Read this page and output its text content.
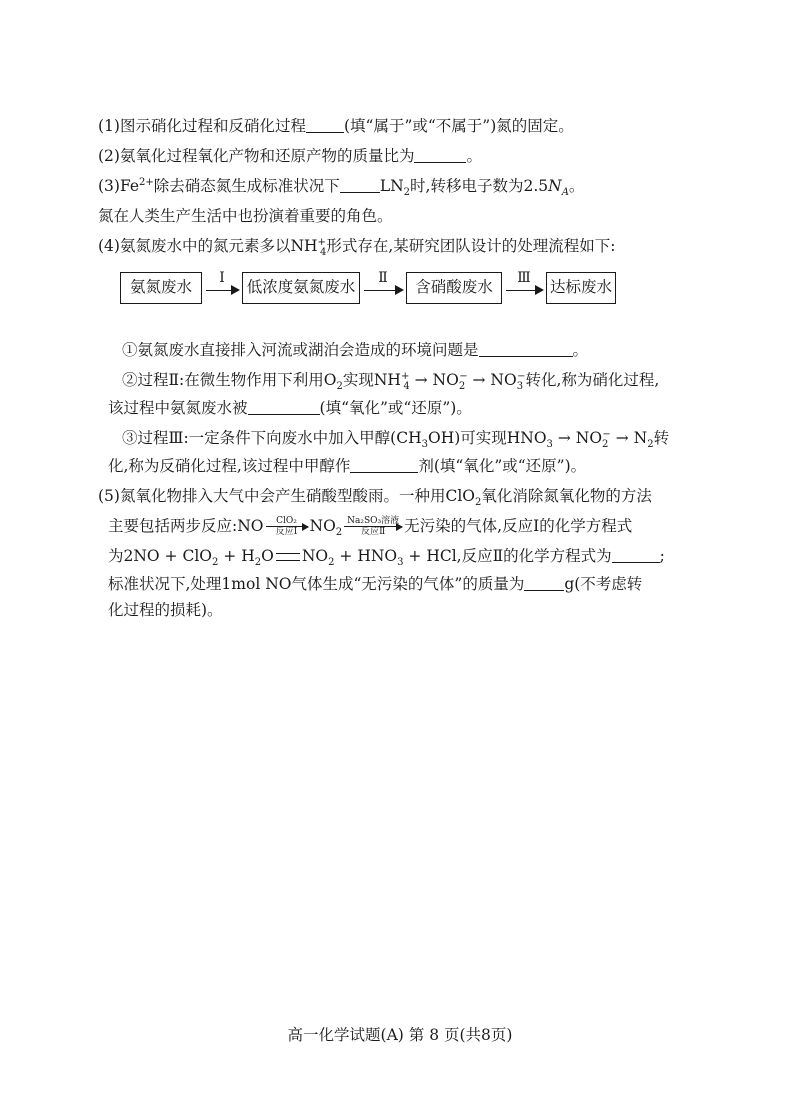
(1)图示硝化过程和反硝化过程 (填“属于”或“不属于”)氮的固定。
(2)氨氧化过程氧化产物和还原产物的质量比为	。
$(3)Fe^{2+}$除去硝态氮生成标准状况下	$LN_2$时,转移电子数为$2.5N_A$。
氮在人类生产生活中也扮演着重要的角色。
(4)氨氮废水中的氮元素多以$NH^+_4$形式存在,某研究团队设计的处理流程如下:
氨氮废水	Ⅰ	低浓度氨氮废水	Ⅱ	含硝酸废水	Ⅲ	达标废水
①氨氮废水直接排入河流或湖泊会造成的环境问题是	。
②过程Ⅱ:在微生物作用下利用$O_2$实现$NH^+_4 \to NO_2^- \to NO_3^-$转化,称为硝化过程,
该过程中氨氮废水被	(填“氧化”或“还原”)。
③过程Ⅲ:一定条件下向废水中加入甲醇$(CH_3OH)$可实现$HNO_3 \to NO_2^- \to N_2$转
化,称为反硝化过程,该过程中甲醇作	剂(填“氧化”或“还原”)。
(5)氮氧化物排入大气中会产生硝酸型酸雨。一种用ClO$_2$氧化消除氮氧化物的方法
主要包括两步反应:NO	ClO₂
反应Ⅰ $NO_2$
Na₂SO₃溶液
反应Ⅱ	无污染的气体,反应Ⅰ的化学方程式
为$2NO + ClO_2 + H_2O$ $NO_2 + HNO_3$ + HCl,反应Ⅱ的化学方程式为	;
标准状况下,处理1mol NO气体生成“无污染的气体”的质量为	g(不考虑转
化过程的损耗)。
高一化学试题(A) 第 8 页(共8页)
